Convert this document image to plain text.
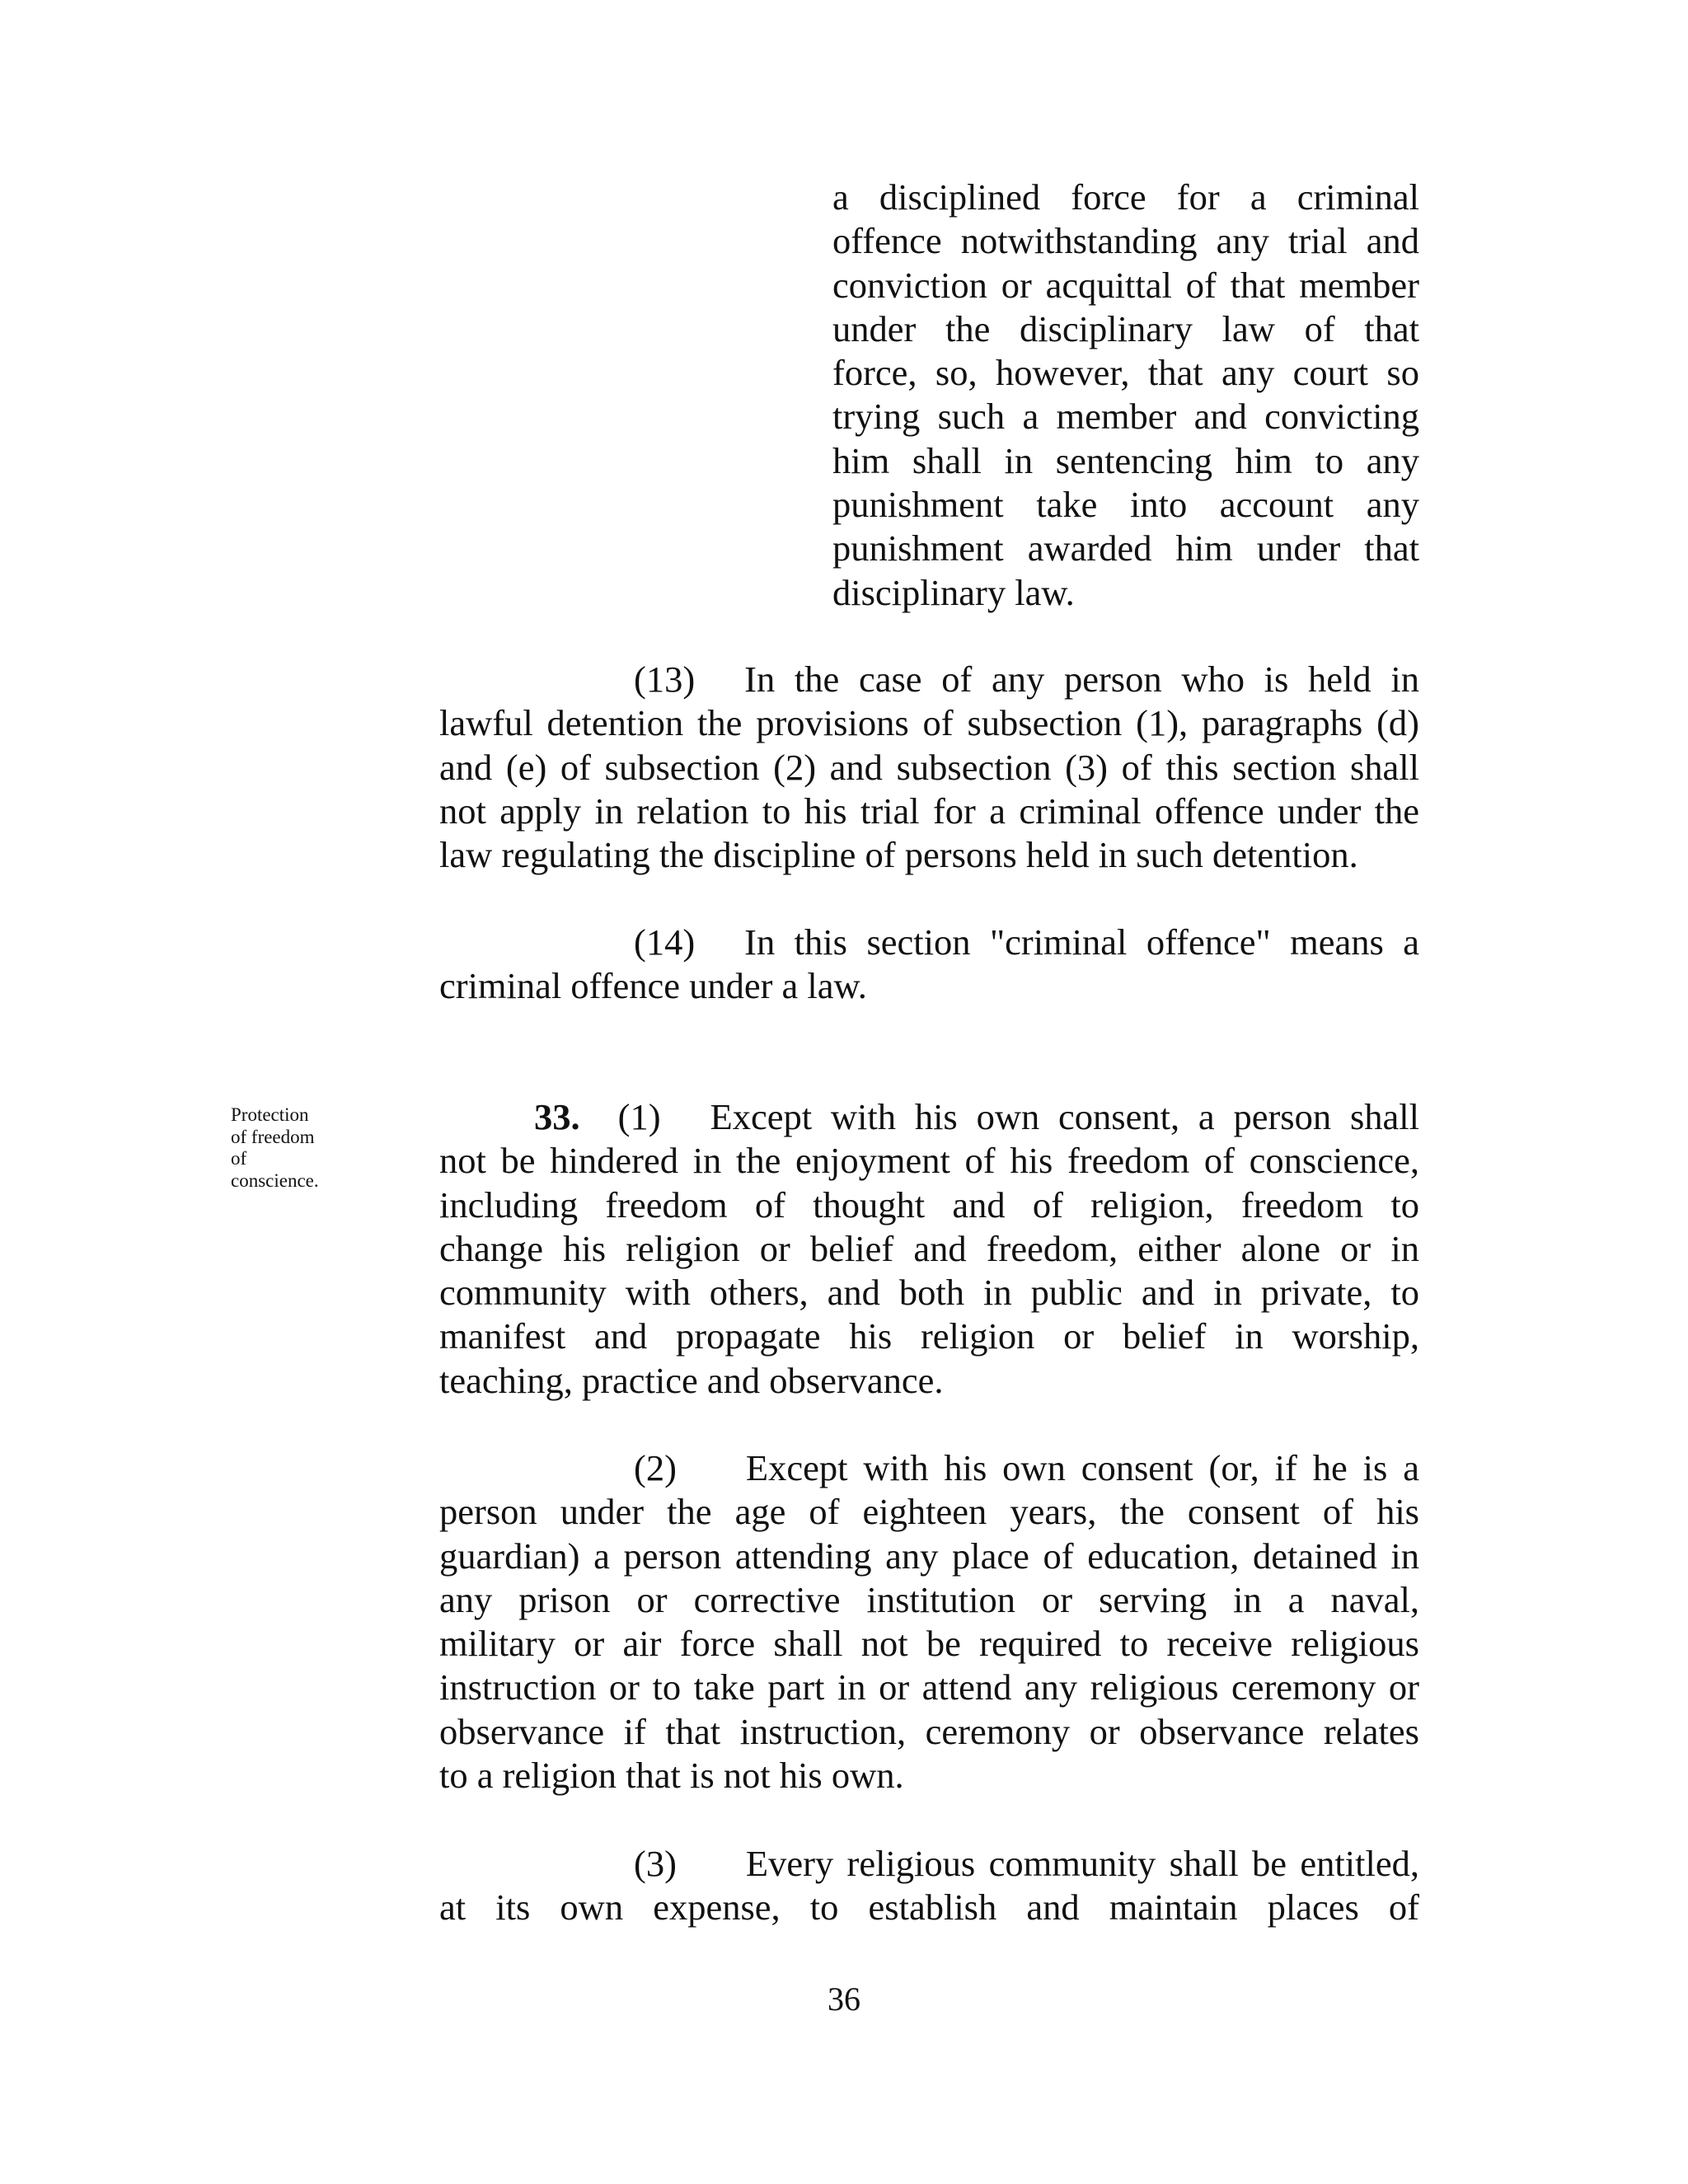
a disciplined force for a criminal
offence notwithstanding any trial and
conviction or acquittal of that member
under the disciplinary law of that
force, so, however, that any court so
trying such a member and convicting
him shall in sentencing him to any
punishment take into account any
punishment awarded him under that
disciplinary law.
(13) In the case of any person who is held in
lawful detention the provisions of subsection (1), paragraphs (d)
and (e) of subsection (2) and subsection (3) of this section shall
not apply in relation to his trial for a criminal offence under the
law regulating the discipline of persons held in such detention.
(14) In this section "criminal offence" means a
criminal offence under a law.
Protection
of freedom
of
conscience.
33. (1) Except with his own consent, a person shall
not be hindered in the enjoyment of his freedom of conscience,
including freedom of thought and of religion, freedom to
change his religion or belief and freedom, either alone or in
community with others, and both in public and in private, to
manifest and propagate his religion or belief in worship,
teaching, practice and observance.
(2) Except with his own consent (or, if he is a
person under the age of eighteen years, the consent of his
guardian) a person attending any place of education, detained in
any prison or corrective institution or serving in a naval,
military or air force shall not be required to receive religious
instruction or to take part in or attend any religious ceremony or
observance if that instruction, ceremony or observance relates
to a religion that is not his own.
(3) Every religious community shall be entitled,
at its own expense, to establish and maintain places of

36
